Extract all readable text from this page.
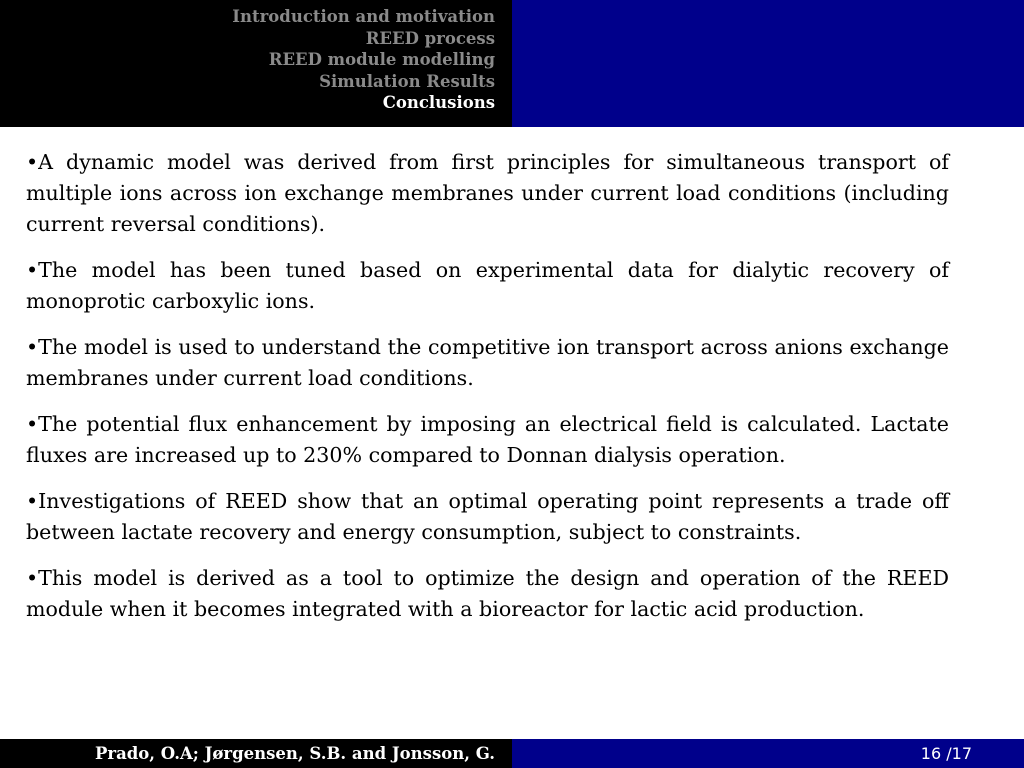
Introduction and motivation
REED process
REED module modelling
Simulation Results
Conclusions

•A dynamic model was derived from first principles for simultaneous transport of multiple ions across ion exchange membranes under current load conditions (including current reversal conditions).

•The model has been tuned based on experimental data for dialytic recovery of monoprotic carboxylic ions.

•The model is used to understand the competitive ion transport across anions exchange membranes under current load conditions.

•The potential flux enhancement by imposing an electrical field is calculated. Lactate fluxes are increased up to 230% compared to Donnan dialysis operation.

•Investigations of REED show that an optimal operating point represents a trade off between lactate recovery and energy consumption, subject to constraints.

•This model is derived as a tool to optimize the design and operation of the REED module when it becomes integrated with a bioreactor for lactic acid production.

Prado, O.A; Jørgensen, S.B. and Jonsson, G.	16 /17
